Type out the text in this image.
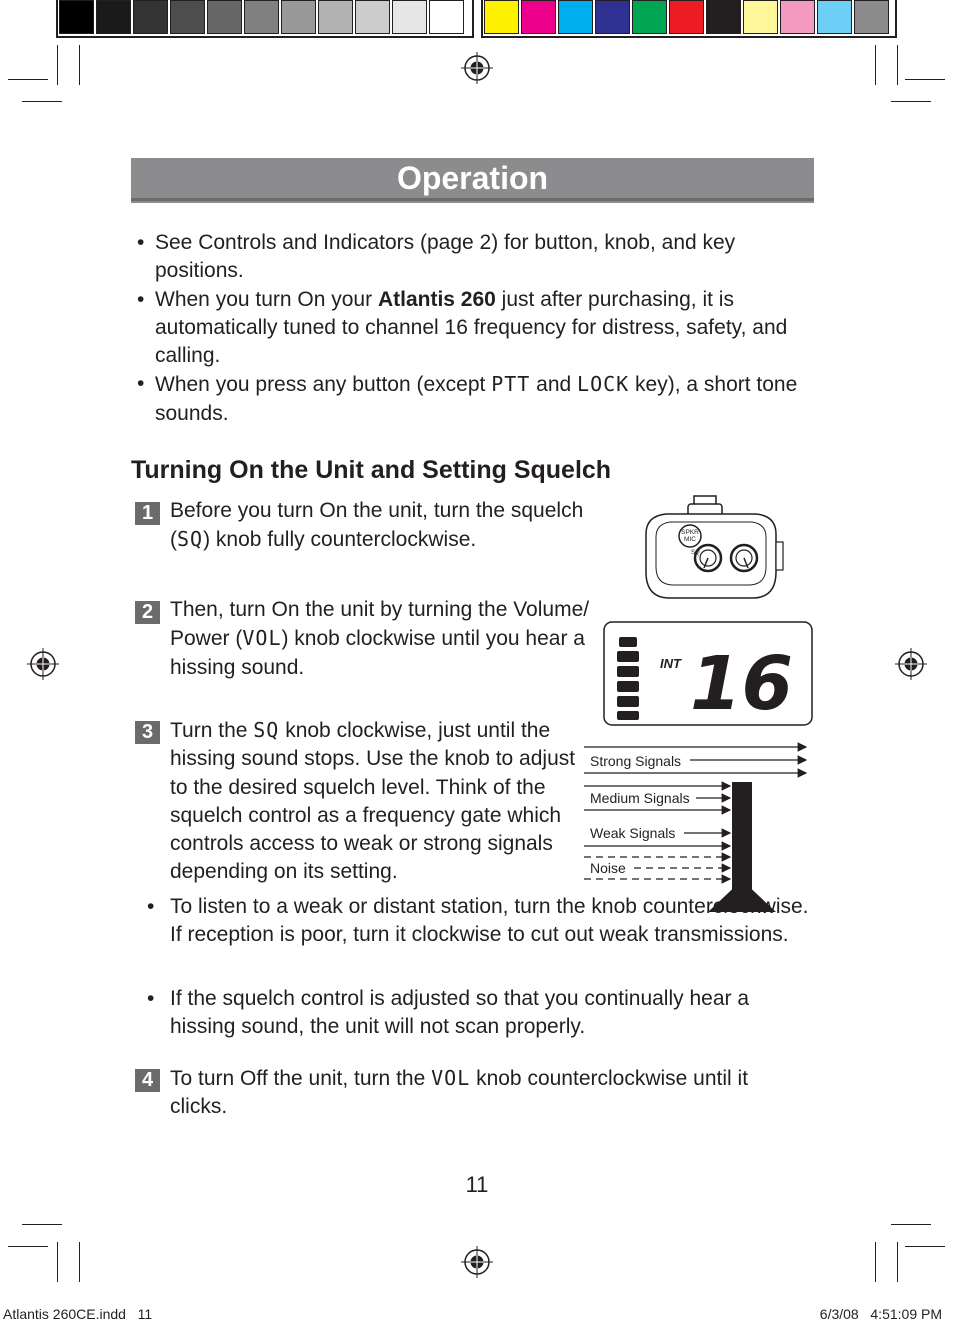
Operation
• See Controls and Indicators (page 2) for button, knob, and key positions.
• When you turn On your Atlantis 260 just after purchasing, it is automatically tuned to channel 16 frequency for distress, safety, and calling.
• When you press any button (except PTT and LOCK key), a short tone sounds.
Turning On the Unit and Setting Squelch
1 Before you turn On the unit, turn the squelch (SQ) knob fully counterclockwise.	SPKR
MIC
SQ
2 Then, turn On the unit by turning the Volume/ Power (VOL) knob clockwise until you hear a hissing sound.	INT 16
3 Turn the SQ knob clockwise, just until the hissing sound stops. Use the knob to adjust to the desired squelch level. Think of the squelch control as a frequency gate which controls access to weak or strong signals depending on its setting.
Strong Signals
Medium Signals
Weak Signals
Noise
• To listen to a weak or distant station, turn the knob counterclockwise. If reception is poor, turn it clockwise to cut out weak transmissions.
• If the squelch control is adjusted so that you continually hear a hissing sound, the unit will not scan properly.
4 To turn Off the unit, turn the VOL knob counterclockwise until it clicks.
11
Atlantis 260CE.indd   11	6/3/08   4:51:09 PM
